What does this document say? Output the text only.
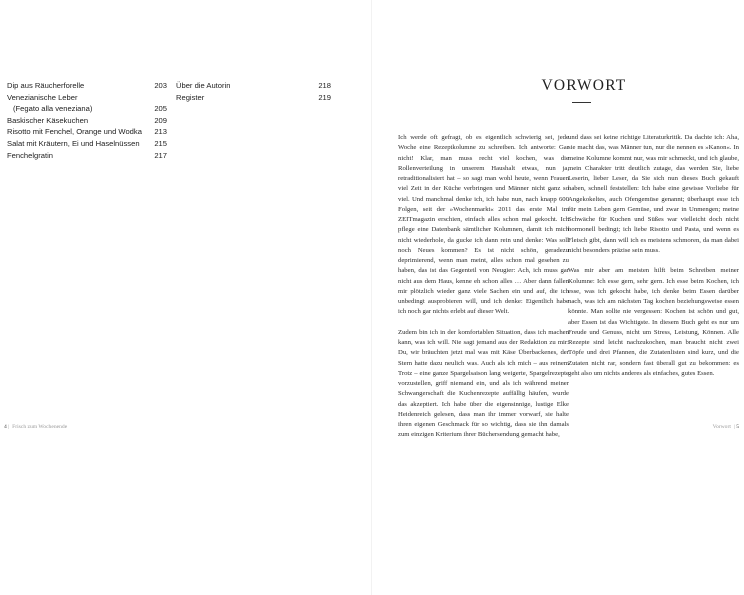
Dip aus Räucherforelle	203
Venezianische Leber
(Fegato alla veneziana)	205
Baskischer Käsekuchen	209
Risotto mit Fenchel, Orange und Wodka 213
Salat mit Kräutern, Ei und Haselnüssen 215
Fenchelgratin	217
Über die Autorin	218
Register	219
4 |  Frisch zum Wochenende	Vorwort  | 5
VORWORT

Ich werde oft gefragt, ob es eigentlich schwierig sei, jede Woche eine Rezeptkolumne zu schreiben. Ich antworte: Gar nicht! Klar, man muss recht viel kochen, was die Rollenverteilung in unserem Haushalt etwas, nun ja, retraditionalisiert hat – so sagt man wohl heute, wenn Frauen viel Zeit in der Küche verbringen und Männer nicht ganz so viel. Und manchmal denke ich, ich habe nun, nach knapp 600 Folgen, seit der »Wochenmarkt« 2011 das erste Mal im ZEITmagazin erschien, einfach alles schon mal gekocht. Ich pflege eine Datenbank sämtlicher Kolumnen, damit ich mich nicht wiederhole, da gucke ich dann rein und denke: Was soll noch Neues kommen? Es ist nicht schön, geradezu deprimierend, wenn man meint, alles schon mal gesehen zu haben, das ist das Gegenteil von Neugier: Ach, ich muss gar nicht aus dem Haus, kenne eh schon alles … Aber dann fallen mir plötzlich wieder ganz viele Sachen ein und auf, die ich unbedingt ausprobieren will, und ich denke: Eigentlich habe ich noch gar nichts erlebt auf dieser Welt.

Zudem bin ich in der komfortablen Situation, dass ich machen kann, was ich will. Nie sagt jemand aus der Redaktion zu mir: Du, wir bräuchten jetzt mal was mit Käse Überbackenes, der Stern hatte dazu neulich was. Auch als ich mich – aus reinem Trotz – eine ganze Spargelsaison lang weigerte, Spargelrezepte vorzustellen, griff niemand ein, und als ich während meiner Schwangerschaft die Kuchenrezepte auffällig häufen, wurde das akzeptiert. Ich habe über die eigensinnige, lustige Elke Heidenreich gelesen, dass man ihr immer vorwarf, sie halte ihren eigenen Geschmack für so wichtig, dass sie ihn damals zum einzigen Kriterium ihrer Büchersendung gemacht habe,

und dass sei keine richtige Literaturkritik. Da dachte ich: Aha, sie macht das, was Männer tun, nur die nennen es »Kanon«. In meine Kolumne kommt nur, was mir schmeckt, und ich glaube, mein Charakter tritt deutlich zutage, das werden Sie, liebe Leserin, lieber Leser, da Sie sich nun dieses Buch gekauft haben, schnell feststellen: Ich habe eine gewisse Vorliebe für Angekokeltes, auch Ofengemüse genannt; überhaupt esse ich für mein Leben gern Gemüse, und zwar in Unmengen; meine Schwäche für Kuchen und Süßes war vielleicht doch nicht hormonell bedingt; ich liebe Risotto und Pasta, und wenn es Fleisch gibt, dann will ich es meistens schmoren, da man dabei nicht besonders präzise sein muss.

Was mir aber am meisten hilft beim Schreiben meiner Kolumne: Ich esse gern, sehr gern. Ich esse beim Kochen, ich esse, was ich gekocht habe, ich denke beim Essen darüber nach, was ich am nächsten Tag kochen beziehungsweise essen könnte. Man sollte nie vergessen: Kochen ist schön und gut, aber Essen ist das Wichtigste. In diesem Buch geht es nur um Freude und Genuss, nicht um Stress, Leistung, Können. Alle Rezepte sind leicht nachzukochen, man braucht nicht zwei Töpfe und drei Pfannen, die Zutatenlisten sind kurz, und die Zutaten nicht rar, sondern fast überall gut zu bekommen: es geht also um nichts anderes als einfaches, gutes Essen.
